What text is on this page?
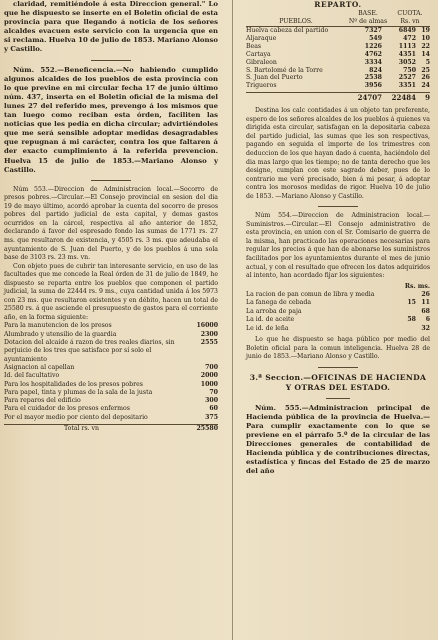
claridad, remitiéndole á esta Direccion general." Lo que he dispuesto se inserte en el Boletin oficial de esta provincia para que llegando á noticia de los señores alcaldes evacuen este servicio con la urgencia que en si reclama. Huelva 10 de julio de 1853. Mariano Alonso y Castillo.

Núm. 552.—Beneficencia.—No habiendo cumplido algunos alcaldes de los pueblos de esta provincia con lo que previne en mi circular fecha 17 de junio último núm. 437, inserta en el Boletin oficial de la misma del lunes 27 del referido mes, prevengo á los mismos que tan luego como reciban esta órden, faciliten las noticias que les pedia en dicha circular; advirtiéndoles que me será sensible adoptar medidas desagradables que repugnan á mi carácter, contra los que faltaren á der exacto cumplimiento á la referida prevencion. Huelva 15 de julio de 1853.—Mariano Alonso y Castillo.

Núm 553.—Direccion de Administracion local.—Socorro de presos pobres.—Circular.—El Consejo provincial en sesion del dia 19 de mayo último, acordó aprobar la cuenta del socorro de presos pobres del partido judicial de esta capital, y demas gastos ocurridos en la cárcel, respectiva al año anterior de 1852, declarando á favor del espresado fondo las sumas de 1771 rs. 27 ms. que resultaron de existencia, y 4505 rs. 3 ms. que adeudaba el ayuntamiento de S. Juan del Puerto, y de los pueblos á una sola base de 3103 rs. 23 ms. vn.

Con objeto pues de cubrir tan interesante servicio, en uso de las facultades que me concede la Real órden de 31 de julio de 1849, he dispuesto se reparta entre los pueblos que componen el partido judicial, la suma de 22444 rs. 9 ms., cuya cantidad unida á los 5973 con 23 ms. que resultaron existentes y en débito, hacen un total de 25580 rs. á que asciende el presupuesto de gastos para el corriente año, en la forma siguiente:

Para la manutencion de los presos	16000
Alumbrado y utensilio de la guardia	2300
Dotacion del alcaide á razon de tres reales diarios, sin perjuicio de los tres que satisface por sí solo el ayuntamiento
2555
Asignacion al capellan	700
Id. del facultativo	2000
Para los hospitalidades de los presos pobres	1000
Para papel, tinta y plumas de la sala de la justa	70
Para reparos del edificio	300
Para el cuidador de los presos enfermos	60
Por el mayor medio por ciento del depositario	375
Total rs. vn	25580
REPARTO.
BASE.	CUOTA.
PUEBLOS.	Nº de almas	Rs. vn
Huelva cabeza del partido	7327	6849 19
Aljaraque	549	472 10
Beas	1226	1113 22
Cartaya	4762	4351 14
Gibraleon	3334	3052	5
S. Bartolomé de la Torre	824	750 25
S. Juan del Puerto	2538	2527 26
Trigueros	3956	3351 24
24707	22484	9

Destina los calc contidades á un objeto tan preferente, espero de los señores alcaldes de los pueblos á quienes va dirigida esta circular, satisfagan en la depositaria cabeza del partido judicial, las sumas que les son respectivas, pagando en seguida el importe de los trimestres con deduccion de los que hayan dado á cuenta, haciéndolo del dia mas largo que les tiempo; no de tanta derecho que les designe, cumplan con este sagrado deber, pues de lo contrario me veré precisado, bien á mi pesar, á adoptar contra los morosos medidas de rigor. Huelva 10 de julio de 1853. —Mariano Alonso y Castillo.

Núm 554.—Direccion de Administracion local.—Suministros.—Circular.—El Consejo administrativo de esta provincia, en union con el Sr. Comisario de guerra de la misma, han practicado las operaciones necesarias para regular los precios á que han de abonarse los suministros facilitados por los ayuntamientos durante el mes de junio actual, y con el resultado que ofrecen los datos adquiridos al intento, han acordado fijar los siguientes:

Rs. ms.
La racion de pan comun de libra y media	26
La fanega de cebada	15 11
La arroba de paja	68
La id. de aceite	58	6
Le id. de leña	32

Lo que he dispuesto se haga público por medio del Boletin oficial para la comun inteligencia. Huelva 28 de junio de 1853.—Mariano Alonso y Castillo.

3.ª Seccion.—OFICINAS DE HACIENDA Y OTRAS DEL ESTADO.

Núm. 555.—Administracion principal de Hacienda pública de la provincia de Huelva.—Para cumplir exactamente con lo que se previene en el párrafo 5.º de la circular de las Direcciones generales de contabilidad de Hacienda pública y de contribuciones directas, estadística y fincas del Estado de 25 de marzo del año
